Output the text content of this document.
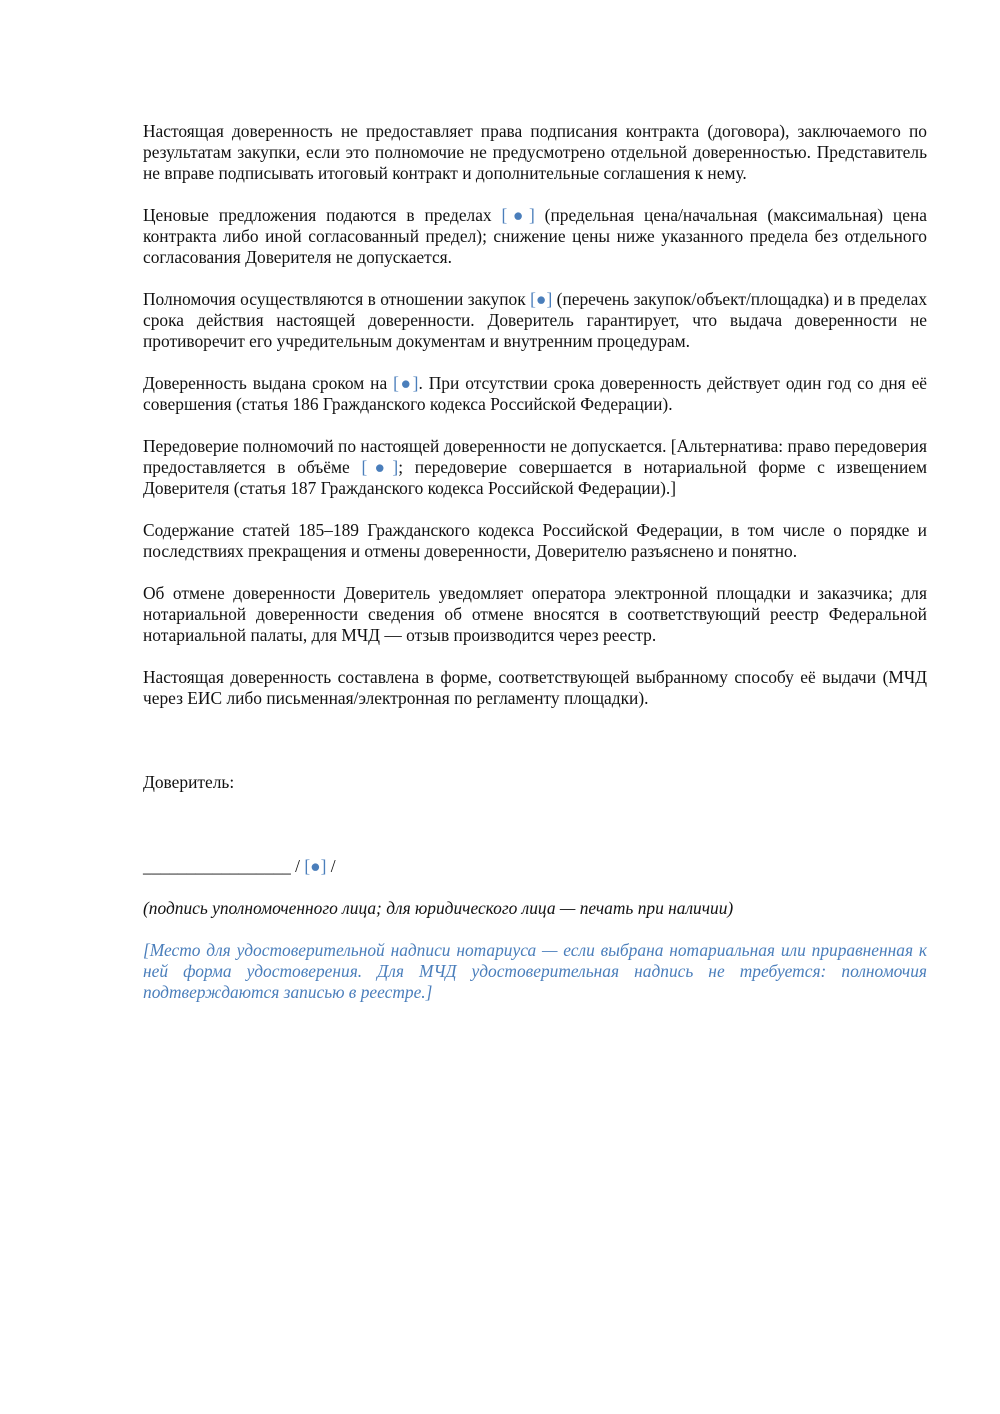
Настоящая доверенность не предоставляет права подписания контракта (договора), заключаемого по результатам закупки, если это полномочие не предусмотрено отдельной доверенностью. Представитель не вправе подписывать итоговый контракт и дополнительные соглашения к нему.

Ценовые предложения подаются в пределах [●] (предельная цена/начальная (максимальная) цена контракта либо иной согласованный предел); снижение цены ниже указанного предела без отдельного согласования Доверителя не допускается.

Полномочия осуществляются в отношении закупок [●] (перечень закупок/объект/площадка) и в пределах срока действия настоящей доверенности. Доверитель гарантирует, что выдача доверенности не противоречит его учредительным документам и внутренним процедурам.

Доверенность выдана сроком на [●]. При отсутствии срока доверенность действует один год со дня её совершения (статья 186 Гражданского кодекса Российской Федерации).

Передоверие полномочий по настоящей доверенности не допускается. [Альтернатива: право передоверия предоставляется в объёме [●]; передоверие совершается в нотариальной форме с извещением Доверителя (статья 187 Гражданского кодекса Российской Федерации).]

Содержание статей 185–189 Гражданского кодекса Российской Федерации, в том числе о порядке и последствиях прекращения и отмены доверенности, Доверителю разъяснено и понятно.

Об отмене доверенности Доверитель уведомляет оператора электронной площадки и заказчика; для нотариальной доверенности сведения об отмене вносятся в соответствующий реестр Федеральной нотариальной палаты, для МЧД — отзыв производится через реестр.

Настоящая доверенность составлена в форме, соответствующей выбранному способу её выдачи (МЧД через ЕИС либо письменная/электронная по регламенту площадки).

Доверитель:

_________________ / [●] /

(подпись уполномоченного лица; для юридического лица — печать при наличии)

[Место для удостоверительной надписи нотариуса — если выбрана нотариальная или приравненная к ней форма удостоверения. Для МЧД удостоверительная надпись не требуется: полномочия подтверждаются записью в реестре.]
